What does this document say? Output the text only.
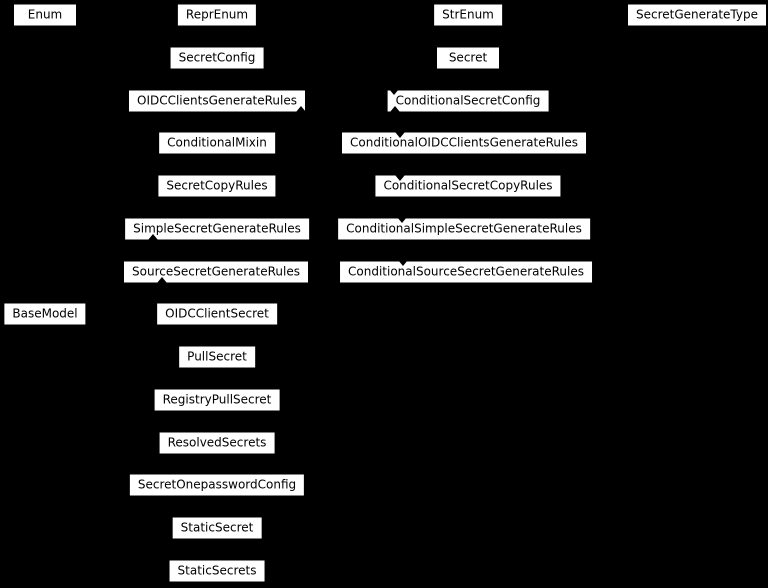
Enum	ReprEnum	StrEnum	SecretGenerateType
SecretConfig	Secret
OIDCClientsGenerateRules	ConditionalSecretConfig
ConditionalMixin	ConditionalOIDCClientsGenerateRules
SecretCopyRules	ConditionalSecretCopyRules
SimpleSecretGenerateRules	ConditionalSimpleSecretGenerateRules
SourceSecretGenerateRules	ConditionalSourceSecretGenerateRules
BaseModel	OIDCClientSecret
PullSecret
RegistryPullSecret
ResolvedSecrets
SecretOnepasswordConfig
StaticSecret
StaticSecrets
